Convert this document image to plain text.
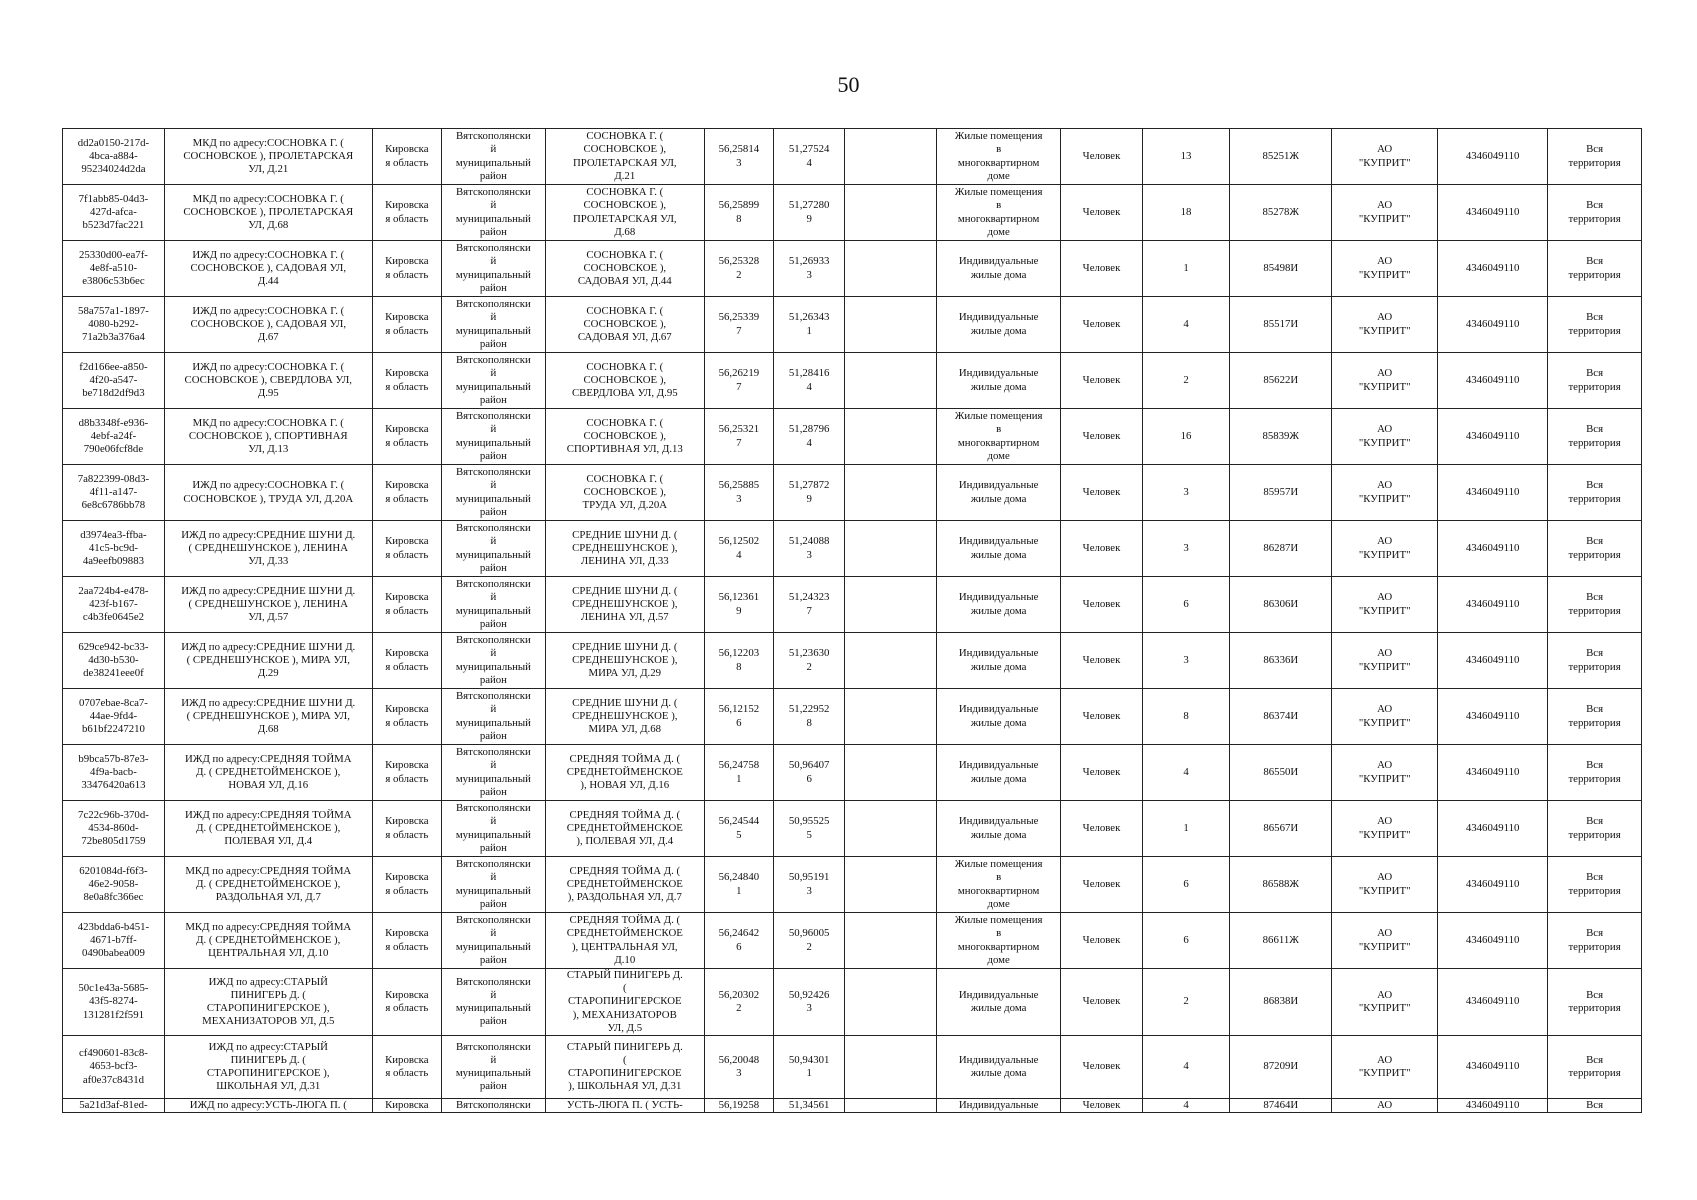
50
dd2a0150-217d-
4bca-a884-
95234024d2da	МКД по адресу:СОСНОВКА Г. (
СОСНОВСКОЕ ), ПРОЛЕТАРСКАЯ
УЛ, Д.21	Кировска
я область	Вятскополянски
й
муниципальный
район	СОСНОВКА Г. (
СОСНОВСКОЕ ),
ПРОЛЕТАРСКАЯ УЛ,
Д.21	56,25814
3	51,27524
4		Жилые помещения
в
многоквартирном
доме	Человек	13	85251Ж	АО
"КУПРИТ"	4346049110	Вся
территория
7f1abb85-04d3-
427d-afca-
b523d7fac221	МКД по адресу:СОСНОВКА Г. (
СОСНОВСКОЕ ), ПРОЛЕТАРСКАЯ
УЛ, Д.68	Кировска
я область	Вятскополянски
й
муниципальный
район	СОСНОВКА Г. (
СОСНОВСКОЕ ),
ПРОЛЕТАРСКАЯ УЛ,
Д.68	56,25899
8	51,27280
9		Жилые помещения
в
многоквартирном
доме	Человек	18	85278Ж	АО
"КУПРИТ"	4346049110	Вся
территория
25330d00-ea7f-
4e8f-a510-
e3806c53b6ec	ИЖД по адресу:СОСНОВКА Г. (
СОСНОВСКОЕ ), САДОВАЯ УЛ,
Д.44	Кировска
я область	Вятскополянски
й
муниципальный
район	СОСНОВКА Г. (
СОСНОВСКОЕ ),
САДОВАЯ УЛ, Д.44	56,25328
2	51,26933
3		Индивидуальные
жилые дома	Человек	1	85498И	АО
"КУПРИТ"	4346049110	Вся
территория
58a757a1-1897-
4080-b292-
71a2b3a376a4	ИЖД по адресу:СОСНОВКА Г. (
СОСНОВСКОЕ ), САДОВАЯ УЛ,
Д.67	Кировска
я область	Вятскополянски
й
муниципальный
район	СОСНОВКА Г. (
СОСНОВСКОЕ ),
САДОВАЯ УЛ, Д.67	56,25339
7	51,26343
1		Индивидуальные
жилые дома	Человек	4	85517И	АО
"КУПРИТ"	4346049110	Вся
территория
f2d166ee-a850-
4f20-a547-
be718d2df9d3	ИЖД по адресу:СОСНОВКА Г. (
СОСНОВСКОЕ ), СВЕРДЛОВА УЛ,
Д.95	Кировска
я область	Вятскополянски
й
муниципальный
район	СОСНОВКА Г. (
СОСНОВСКОЕ ),
СВЕРДЛОВА УЛ, Д.95	56,26219
7	51,28416
4		Индивидуальные
жилые дома	Человек	2	85622И	АО
"КУПРИТ"	4346049110	Вся
территория
d8b3348f-e936-
4ebf-a24f-
790e06fcf8de	МКД по адресу:СОСНОВКА Г. (
СОСНОВСКОЕ ), СПОРТИВНАЯ
УЛ, Д.13	Кировска
я область	Вятскополянски
й
муниципальный
район	СОСНОВКА Г. (
СОСНОВСКОЕ ),
СПОРТИВНАЯ УЛ, Д.13	56,25321
7	51,28796
4		Жилые помещения
в
многоквартирном
доме	Человек	16	85839Ж	АО
"КУПРИТ"	4346049110	Вся
территория
7a822399-08d3-
4f11-a147-
6e8c6786bb78	ИЖД по адресу:СОСНОВКА Г. (
СОСНОВСКОЕ ), ТРУДА УЛ, Д.20А	Кировска
я область	Вятскополянски
й
муниципальный
район	СОСНОВКА Г. (
СОСНОВСКОЕ ),
ТРУДА УЛ, Д.20А	56,25885
3	51,27872
9		Индивидуальные
жилые дома	Человек	3	85957И	АО
"КУПРИТ"	4346049110	Вся
территория
d3974ea3-ffba-
41c5-bc9d-
4a9eefb09883	ИЖД по адресу:СРЕДНИЕ ШУНИ Д.
( СРЕДНЕШУНСКОЕ ), ЛЕНИНА
УЛ, Д.33	Кировска
я область	Вятскополянски
й
муниципальный
район	СРЕДНИЕ ШУНИ Д. (
СРЕДНЕШУНСКОЕ ),
ЛЕНИНА УЛ, Д.33	56,12502
4	51,24088
3		Индивидуальные
жилые дома	Человек	3	86287И	АО
"КУПРИТ"	4346049110	Вся
территория
2aa724b4-e478-
423f-b167-
c4b3fe0645e2	ИЖД по адресу:СРЕДНИЕ ШУНИ Д.
( СРЕДНЕШУНСКОЕ ), ЛЕНИНА
УЛ, Д.57	Кировска
я область	Вятскополянски
й
муниципальный
район	СРЕДНИЕ ШУНИ Д. (
СРЕДНЕШУНСКОЕ ),
ЛЕНИНА УЛ, Д.57	56,12361
9	51,24323
7		Индивидуальные
жилые дома	Человек	6	86306И	АО
"КУПРИТ"	4346049110	Вся
территория
629ce942-bc33-
4d30-b530-
de38241eee0f	ИЖД по адресу:СРЕДНИЕ ШУНИ Д.
( СРЕДНЕШУНСКОЕ ), МИРА УЛ,
Д.29	Кировска
я область	Вятскополянски
й
муниципальный
район	СРЕДНИЕ ШУНИ Д. (
СРЕДНЕШУНСКОЕ ),
МИРА УЛ, Д.29	56,12203
8	51,23630
2		Индивидуальные
жилые дома	Человек	3	86336И	АО
"КУПРИТ"	4346049110	Вся
территория
0707ebae-8ca7-
44ae-9fd4-
b61bf2247210	ИЖД по адресу:СРЕДНИЕ ШУНИ Д.
( СРЕДНЕШУНСКОЕ ), МИРА УЛ,
Д.68	Кировска
я область	Вятскополянски
й
муниципальный
район	СРЕДНИЕ ШУНИ Д. (
СРЕДНЕШУНСКОЕ ),
МИРА УЛ, Д.68	56,12152
6	51,22952
8		Индивидуальные
жилые дома	Человек	8	86374И	АО
"КУПРИТ"	4346049110	Вся
территория
b9bca57b-87e3-
4f9a-bacb-
33476420a613	ИЖД по адресу:СРЕДНЯЯ ТОЙМА
Д. ( СРЕДНЕТОЙМЕНСКОЕ ),
НОВАЯ УЛ, Д.16	Кировска
я область	Вятскополянски
й
муниципальный
район	СРЕДНЯЯ ТОЙМА Д. (
СРЕДНЕТОЙМЕНСКОЕ
), НОВАЯ УЛ, Д.16	56,24758
1	50,96407
6		Индивидуальные
жилые дома	Человек	4	86550И	АО
"КУПРИТ"	4346049110	Вся
территория
7c22c96b-370d-
4534-860d-
72be805d1759	ИЖД по адресу:СРЕДНЯЯ ТОЙМА
Д. ( СРЕДНЕТОЙМЕНСКОЕ ),
ПОЛЕВАЯ УЛ, Д.4	Кировска
я область	Вятскополянски
й
муниципальный
район	СРЕДНЯЯ ТОЙМА Д. (
СРЕДНЕТОЙМЕНСКОЕ
), ПОЛЕВАЯ УЛ, Д.4	56,24544
5	50,95525
5		Индивидуальные
жилые дома	Человек	1	86567И	АО
"КУПРИТ"	4346049110	Вся
территория
6201084d-f6f3-
46e2-9058-
8e0a8fc366ec	МКД по адресу:СРЕДНЯЯ ТОЙМА
Д. ( СРЕДНЕТОЙМЕНСКОЕ ),
РАЗДОЛЬНАЯ УЛ, Д.7	Кировска
я область	Вятскополянски
й
муниципальный
район	СРЕДНЯЯ ТОЙМА Д. (
СРЕДНЕТОЙМЕНСКОЕ
), РАЗДОЛЬНАЯ УЛ, Д.7	56,24840
1	50,95191
3		Жилые помещения
в
многоквартирном
доме	Человек	6	86588Ж	АО
"КУПРИТ"	4346049110	Вся
территория
423bdda6-b451-
4671-b7ff-
0490babea009	МКД по адресу:СРЕДНЯЯ ТОЙМА
Д. ( СРЕДНЕТОЙМЕНСКОЕ ),
ЦЕНТРАЛЬНАЯ УЛ, Д.10	Кировска
я область	Вятскополянски
й
муниципальный
район	СРЕДНЯЯ ТОЙМА Д. (
СРЕДНЕТОЙМЕНСКОЕ
), ЦЕНТРАЛЬНАЯ УЛ,
Д.10	56,24642
6	50,96005
2		Жилые помещения
в
многоквартирном
доме	Человек	6	86611Ж	АО
"КУПРИТ"	4346049110	Вся
территория
50c1e43a-5685-
43f5-8274-
131281f2f591	ИЖД по адресу:СТАРЫЙ
ПИНИГЕРЬ Д. (
СТАРОПИНИГЕРСКОЕ ),
МЕХАНИЗАТОРОВ УЛ, Д.5	Кировска
я область	Вятскополянски
й
муниципальный
район	СТАРЫЙ ПИНИГЕРЬ Д.
(
СТАРОПИНИГЕРСКОЕ
), МЕХАНИЗАТОРОВ
УЛ, Д.5	56,20302
2	50,92426
3		Индивидуальные
жилые дома	Человек	2	86838И	АО
"КУПРИТ"	4346049110	Вся
территория
cf490601-83c8-
4653-bcf3-
af0e37c8431d	ИЖД по адресу:СТАРЫЙ
ПИНИГЕРЬ Д. (
СТАРОПИНИГЕРСКОЕ ),
ШКОЛЬНАЯ УЛ, Д.31	Кировска
я область	Вятскополянски
й
муниципальный
район	СТАРЫЙ ПИНИГЕРЬ Д.
(
СТАРОПИНИГЕРСКОЕ
), ШКОЛЬНАЯ УЛ, Д.31	56,20048
3	50,94301
1		Индивидуальные
жилые дома	Человек	4	87209И	АО
"КУПРИТ"	4346049110	Вся
территория
5a21d3af-81ed-	ИЖД по адресу:УСТЬ-ЛЮГА П. (	Кировска	Вятскополянски	УСТЬ-ЛЮГА П. ( УСТЬ-	56,19258	51,34561		Индивидуальные	Человек	4	87464И	АО	4346049110	Вся
